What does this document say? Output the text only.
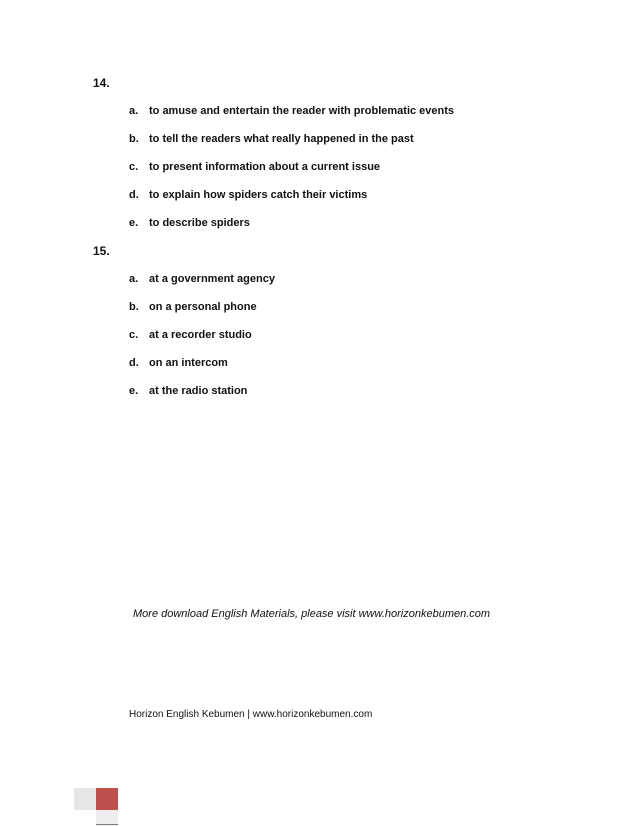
14.
a. to amuse and entertain the reader with problematic events
b. to tell the readers what really happened in the past
c. to present information about a current issue
d. to explain how spiders catch their victims
e. to describe spiders
15.
a. at a government agency
b. on a personal phone
c. at a recorder studio
d. on an intercom
e. at the radio station
More download English Materials, please visit www.horizonkebumen.com
Horizon English Kebumen | www.horizonkebumen.com
